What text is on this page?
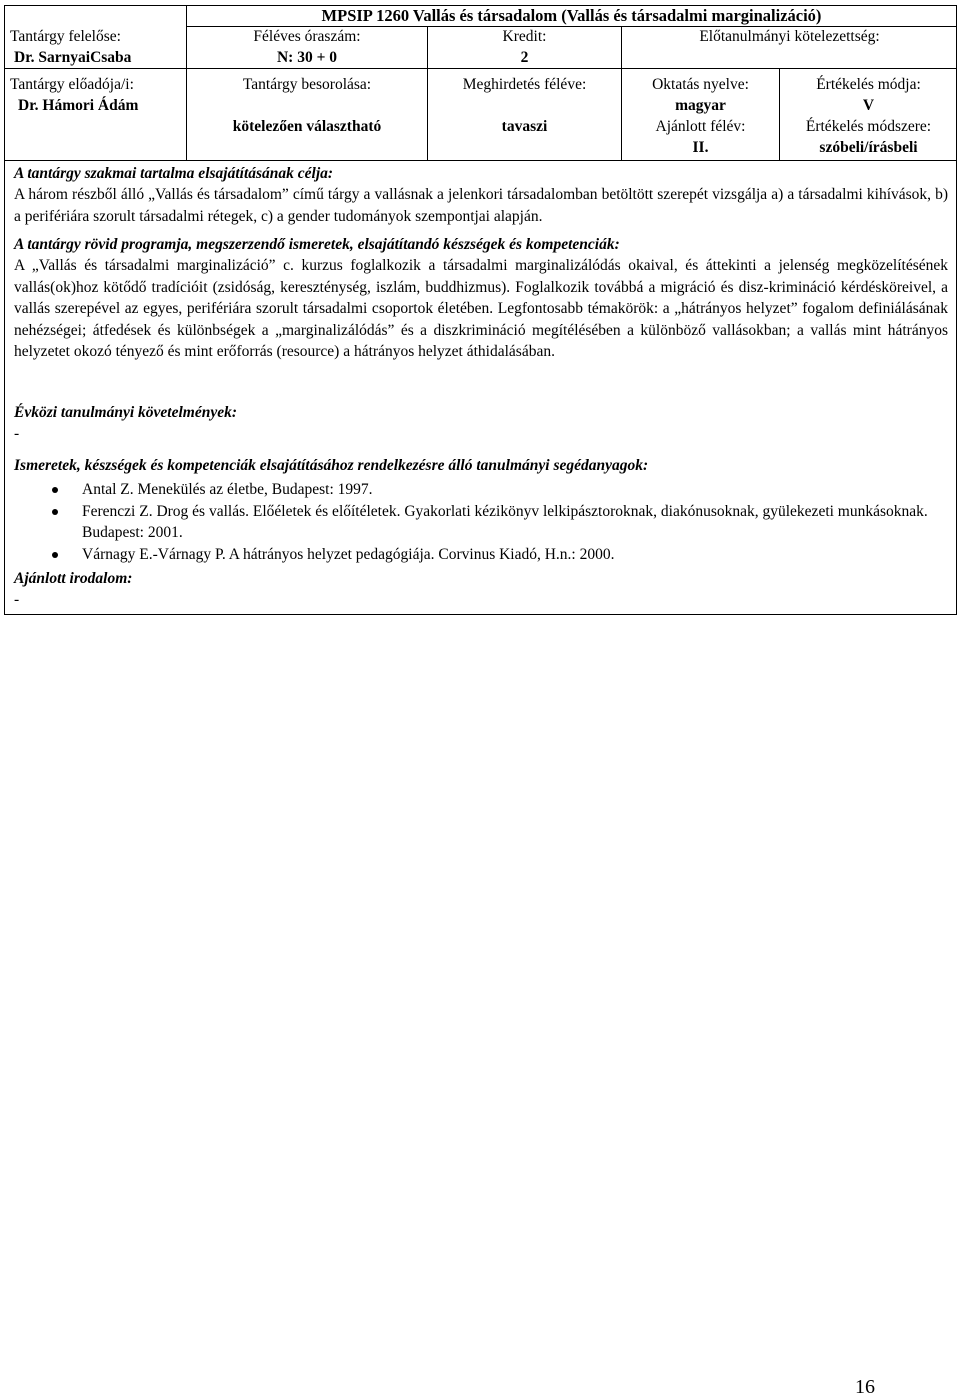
MPSIP 1260 Vallás és társadalom (Vallás és társadalmi marginalizáció)
Tantárgy felelőse:
Dr. SarnyaiCsaba
Tantárgy előadója/i:
Dr. Hámori Ádám
Féléves óraszám:
N: 30 + 0
Kredit:
2
Előtanulmányi kötelezettség:
Tantárgy besorolása:
kötelezően választható
Meghirdetés féléve:
tavaszi
Oktatás nyelve:
magyar
Ajánlott félév:
II.
Értékelés módja:
V
Értékelés módszere:
szóbeli/írásbeli
A tantárgy szakmai tartalma elsajátításának célja:
A három részből álló „Vallás és társadalom” című tárgy a vallásnak a jelenkori társadalomban betöltött szerepét vizsgálja a) a társadalmi kihívások, b) a perifériára szorult társadalmi rétegek, c) a gender tudományok szempontjai alapján.
A tantárgy rövid programja, megszerzendő ismeretek, elsajátítandó készségek és kompetenciák:
A „Vallás és társadalmi marginalizáció” c. kurzus foglalkozik a társadalmi marginalizálódás okaival, és áttekinti a jelenség megközelítésének vallás(ok)hoz kötődő tradícióit (zsidóság, kereszténység, iszlám, buddhizmus). Foglalkozik továbbá a migráció és disz-krimináció kérdésköreivel, a vallás szerepével az egyes, perifériára szorult társadalmi csoportok életében. Legfontosabb témakörök: a „hátrányos helyzet” fogalom definiálásának nehézségei; átfedések és különbségek a „marginalizálódás” és a diszkrimináció megítélésében a különböző vallásokban; a vallás mint hátrányos helyzetet okozó tényező és mint erőforrás (resource) a hátrányos helyzet áthidalásában.
Évközi tanulmányi követelmények:
-
Ismeretek, készségek és kompetenciák elsajátításához rendelkezésre álló tanulmányi segédanyagok:
Antal Z. Menekülés az életbe, Budapest: 1997.
Ferenczi Z. Drog és vallás. Előéletek és előítéletek. Gyakorlati kézikönyv lelkipásztoroknak, diakónusoknak, gyülekezeti munkásoknak. Budapest: 2001.
Várnagy E.-Várnagy P. A hátrányos helyzet pedagógiája. Corvinus Kiadó, H.n.: 2000.
Ajánlott irodalom:
-
16
